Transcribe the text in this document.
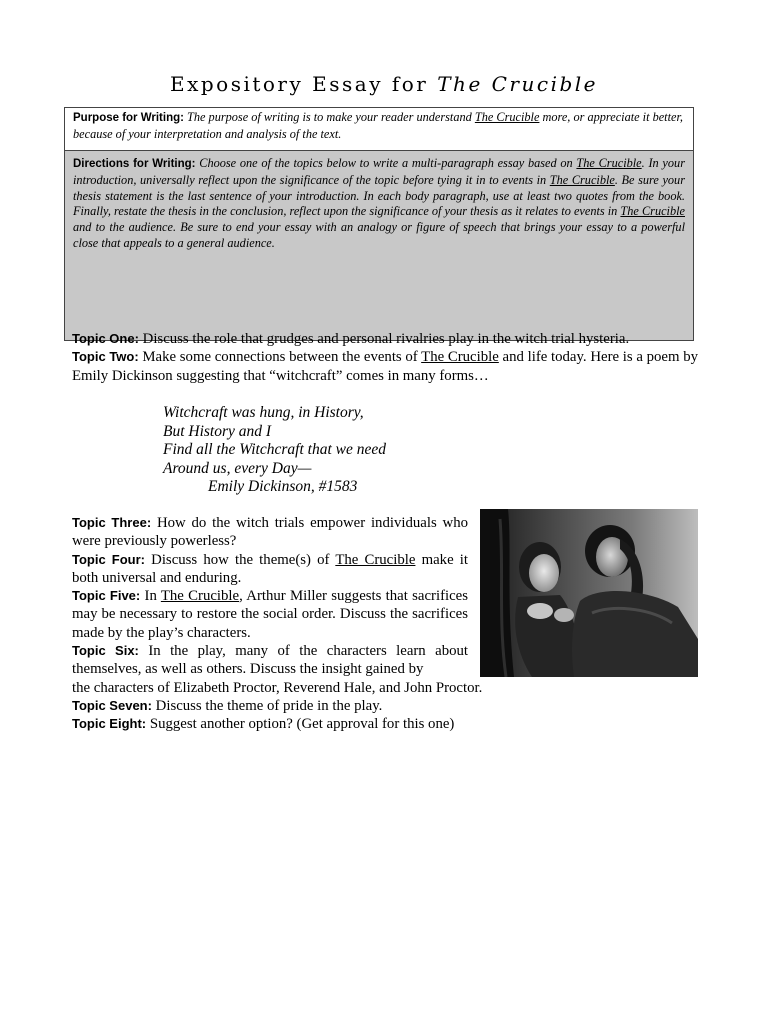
Expository Essay for The Crucible
Purpose for Writing: The purpose of writing is to make your reader understand The Crucible more, or appreciate it better, because of your interpretation and analysis of the text.
Directions for Writing: Choose one of the topics below to write a multi-paragraph essay based on The Crucible. In your introduction, universally reflect upon the significance of the topic before tying it in to events in The Crucible. Be sure your thesis statement is the last sentence of your introduction. In each body paragraph, use at least two quotes from the book. Finally, restate the thesis in the conclusion, reflect upon the significance of your thesis as it relates to events in The Crucible and to the audience. Be sure to end your essay with an analogy or figure of speech that brings your essay to a powerful close that appeals to a general audience.

Topic One: Discuss the role that grudges and personal rivalries play in the witch trial hysteria.

Topic Two: Make some connections between the events of The Crucible and life today. Here is a poem by Emily Dickinson suggesting that “witchcraft” comes in many forms…

Witchcraft was hung, in History,
But History and I
Find all the Witchcraft that we need
Around us, every Day—
Emily Dickinson, #1583

Topic Three: How do the witch trials empower individuals who were previously powerless?

Topic Four: Discuss how the theme(s) of The Crucible make it both universal and enduring.

Topic Five: In The Crucible, Arthur Miller suggests that sacrifices may be necessary to restore the social order. Discuss the sacrifices made by the play’s characters.

Topic Six: In the play, many of the characters learn about themselves, as well as others. Discuss the insight gained by

the characters of Elizabeth Proctor, Reverend Hale, and John Proctor.

Topic Seven: Discuss the theme of pride in the play.

Topic Eight: Suggest another option? (Get approval for this one)
